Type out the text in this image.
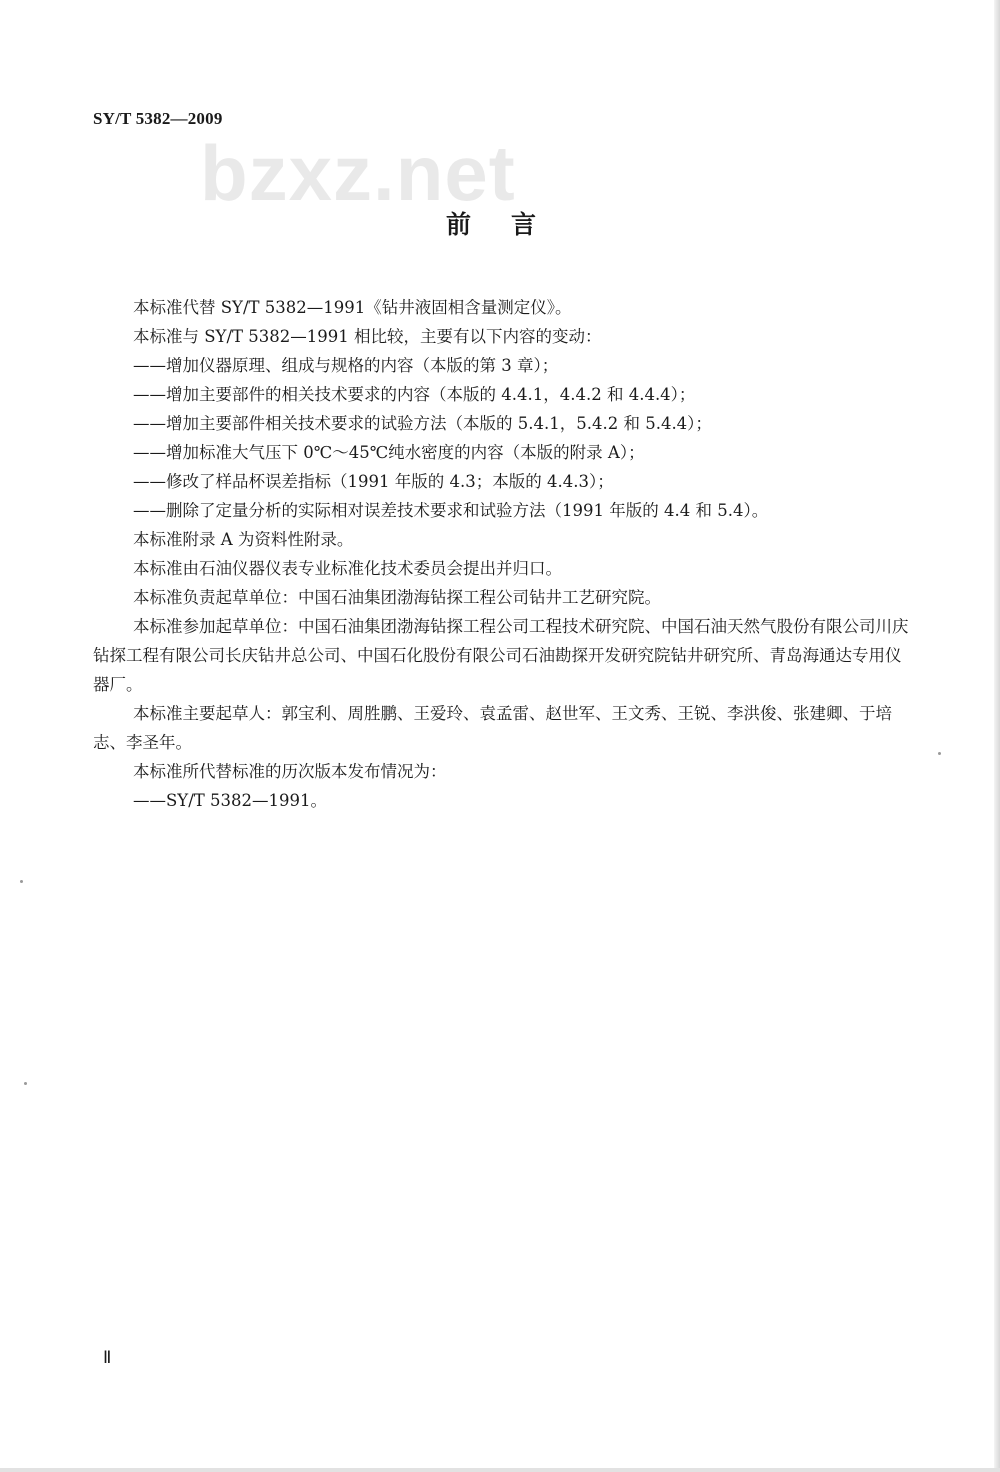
SY/T 5382—2009
bzxz.net
前言

本标准代替 SY/T 5382—1991《钻井液固相含量测定仪》。

本标准与 SY/T 5382—1991 相比较，主要有以下内容的变动：

——增加仪器原理、组成与规格的内容（本版的第 3 章）；

——增加主要部件的相关技术要求的内容（本版的 4.4.1，4.4.2 和 4.4.4）；

——增加主要部件相关技术要求的试验方法（本版的 5.4.1，5.4.2 和 5.4.4）；

——增加标准大气压下 0℃～45℃纯水密度的内容（本版的附录 A）；

——修改了样品杯误差指标（1991 年版的 4.3；本版的 4.4.3）；

——删除了定量分析的实际相对误差技术要求和试验方法（1991 年版的 4.4 和 5.4）。

本标准附录 A 为资料性附录。

本标准由石油仪器仪表专业标准化技术委员会提出并归口。

本标准负责起草单位：中国石油集团渤海钻探工程公司钻井工艺研究院。

本标准参加起草单位：中国石油集团渤海钻探工程公司工程技术研究院、中国石油天然气股份有限公司川庆钻探工程有限公司长庆钻井总公司、中国石化股份有限公司石油勘探开发研究院钻井研究所、青岛海通达专用仪器厂。

本标准主要起草人：郭宝利、周胜鹏、王爱玲、袁孟雷、赵世军、王文秀、王锐、李洪俊、张建卿、于培志、李圣年。

本标准所代替标准的历次版本发布情况为：

——SY/T 5382—1991。

Ⅱ
